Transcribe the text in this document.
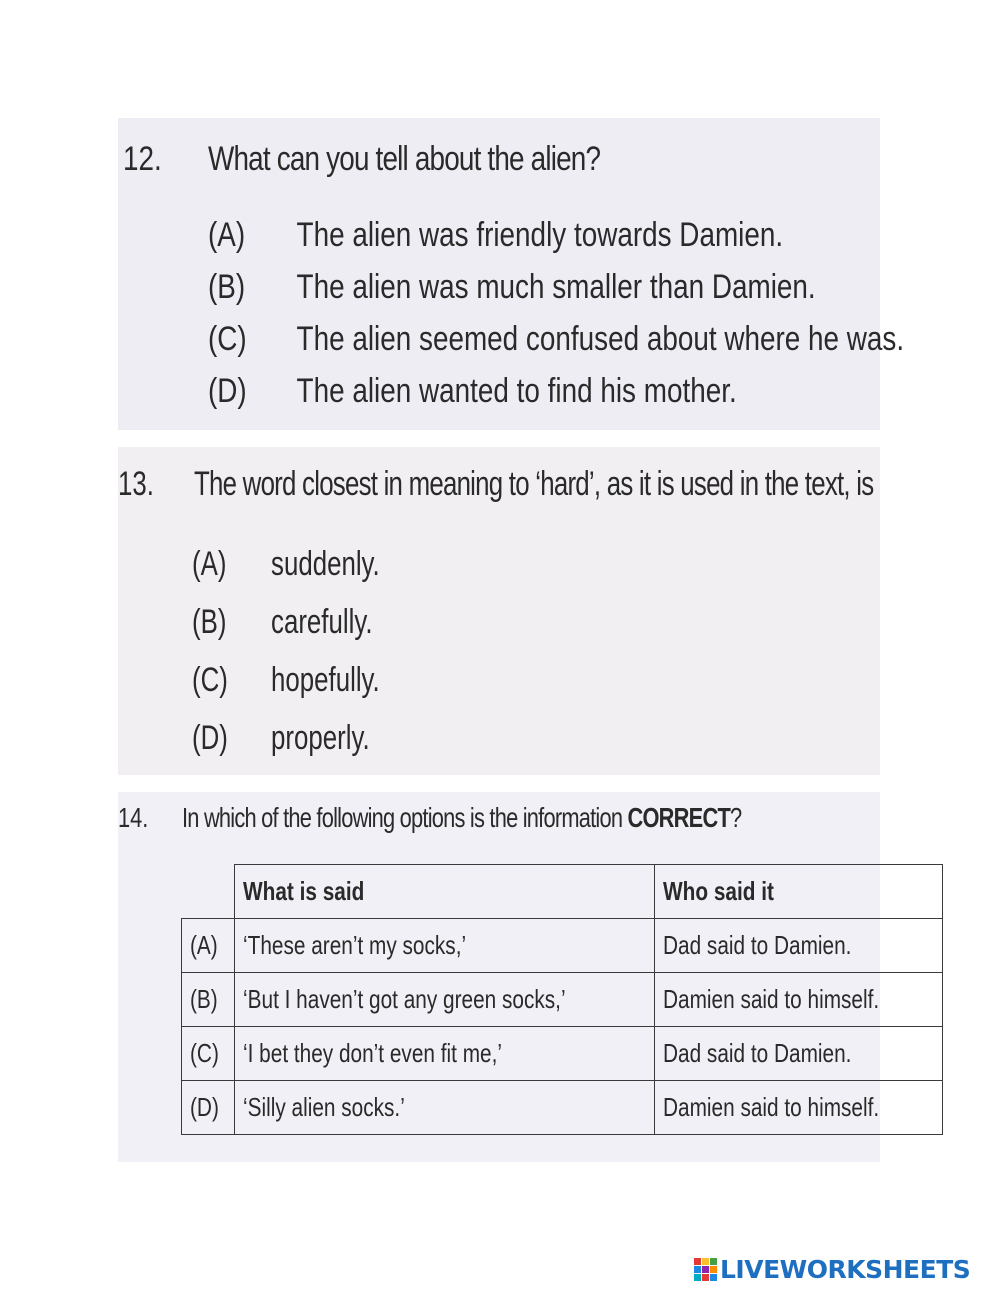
12. What can you tell about the alien?
(A) The alien was friendly towards Damien.
(B) The alien was much smaller than Damien.
(C) The alien seemed confused about where he was.
(D) The alien wanted to find his mother.
13. The word closest in meaning to ‘hard’, as it is used in the text, is
(A) suddenly.
(B) carefully.
(C) hopefully.
(D) properly.
14. In which of the following options is the information CORRECT?
	What is said	Who said it
(A)	‘These aren’t my socks,’	Dad said to Damien.
(B)	‘But I haven’t got any green socks,’	Damien said to himself.
(C)	‘I bet they don’t even fit me,’	Dad said to Damien.
(D)	‘Silly alien socks.’	Damien said to himself.
LIVEWORKSHEETS
